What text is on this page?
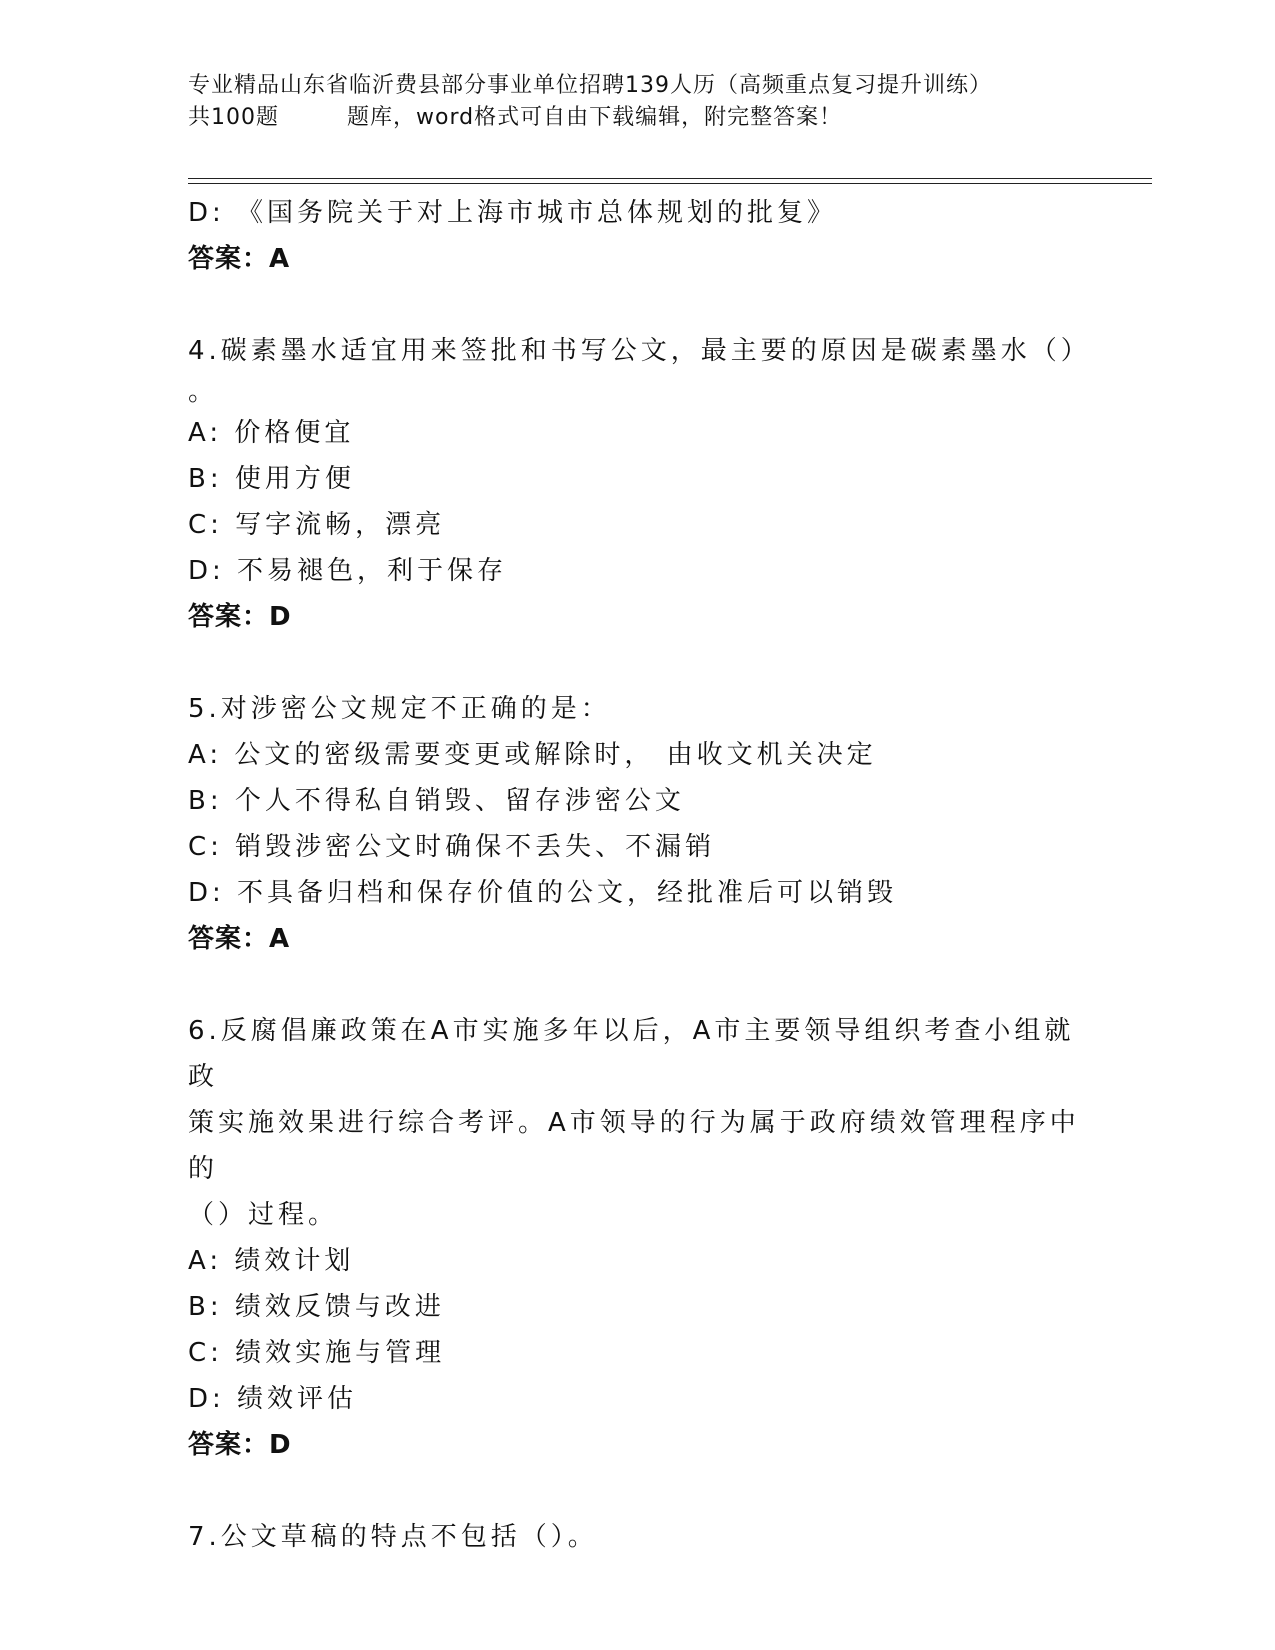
专业精品山东省临沂费县部分事业单位招聘139人历（高频重点复习提升训练）
共100题	题库，word格式可自由下载编辑，附完整答案！
D: 《国务院关于对上海市城市总体规划的批复》
答案：A
4.碳素墨水适宜用来签批和书写公文，最主要的原因是碳素墨水（）
。
A: 价格便宜
B: 使用方便
C: 写字流畅，漂亮
D: 不易褪色，利于保存
答案：D
5.对涉密公文规定不正确的是：
A: 公文的密级需要变更或解除时， 由收文机关决定
B: 个人不得私自销毁、留存涉密公文
C: 销毁涉密公文时确保不丢失、不漏销
D: 不具备归档和保存价值的公文，经批准后可以销毁
答案：A
6.反腐倡廉政策在A市实施多年以后，A市主要领导组织考查小组就政
策实施效果进行综合考评。A市领导的行为属于政府绩效管理程序中的
（）过程。
A: 绩效计划
B: 绩效反馈与改进
C: 绩效实施与管理
D: 绩效评估
答案：D
7.公文草稿的特点不包括（）。
